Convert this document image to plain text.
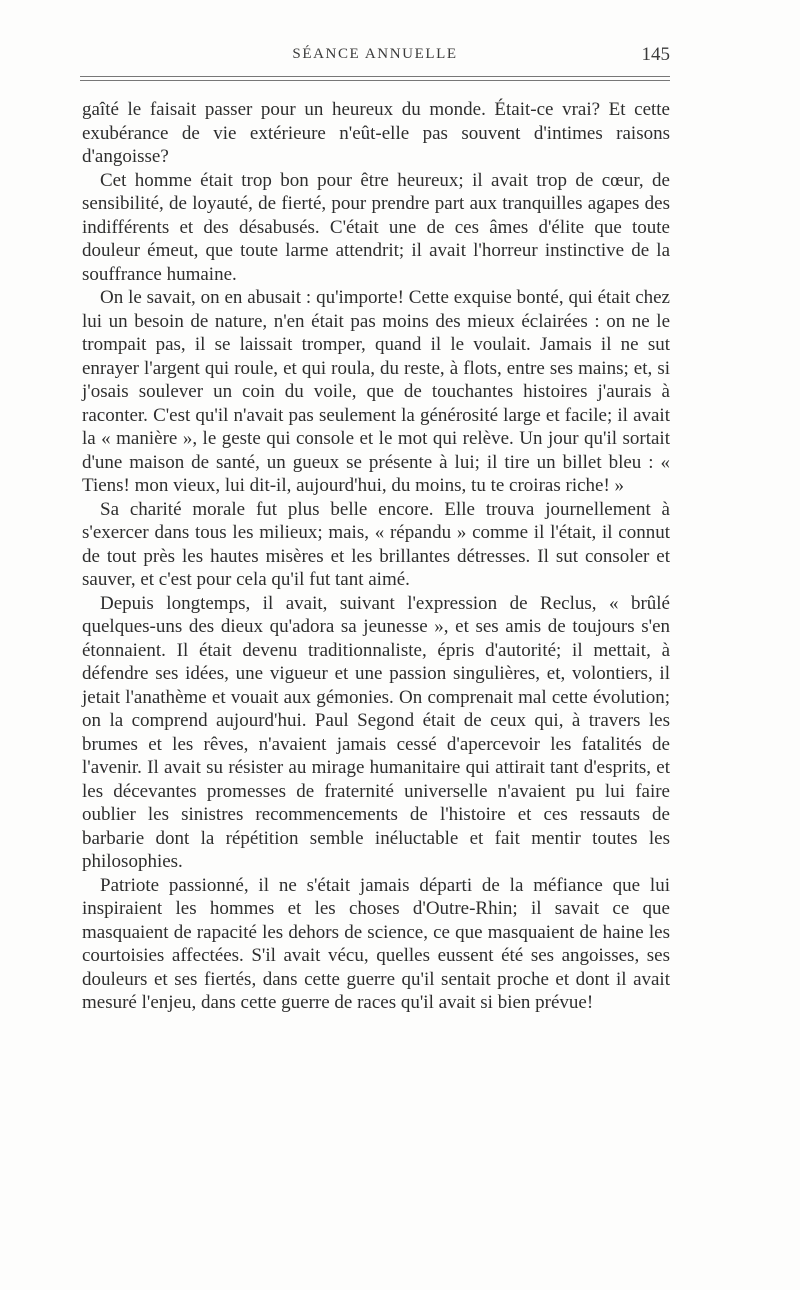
SÉANCE ANNUELLE	145

gaîté le faisait passer pour un heureux du monde. Était-ce vrai? Et cette exubérance de vie extérieure n'eût-elle pas souvent d'intimes raisons d'angoisse?

Cet homme était trop bon pour être heureux; il avait trop de cœur, de sensibilité, de loyauté, de fierté, pour prendre part aux tranquilles agapes des indifférents et des désabusés. C'était une de ces âmes d'élite que toute douleur émeut, que toute larme attendrit; il avait l'horreur instinctive de la souffrance humaine.

On le savait, on en abusait : qu'importe! Cette exquise bonté, qui était chez lui un besoin de nature, n'en était pas moins des mieux éclairées : on ne le trompait pas, il se laissait tromper, quand il le voulait. Jamais il ne sut enrayer l'argent qui roule, et qui roula, du reste, à flots, entre ses mains; et, si j'osais soulever un coin du voile, que de touchantes histoires j'aurais à raconter. C'est qu'il n'avait pas seulement la générosité large et facile; il avait la « manière », le geste qui console et le mot qui relève. Un jour qu'il sortait d'une maison de santé, un gueux se présente à lui; il tire un billet bleu : « Tiens! mon vieux, lui dit-il, aujourd'hui, du moins, tu te croiras riche! »

Sa charité morale fut plus belle encore. Elle trouva journellement à s'exercer dans tous les milieux; mais, « répandu » comme il l'était, il connut de tout près les hautes misères et les brillantes détresses. Il sut consoler et sauver, et c'est pour cela qu'il fut tant aimé.

Depuis longtemps, il avait, suivant l'expression de Reclus, « brûlé quelques-uns des dieux qu'adora sa jeunesse », et ses amis de toujours s'en étonnaient. Il était devenu traditionnaliste, épris d'autorité; il mettait, à défendre ses idées, une vigueur et une passion singulières, et, volontiers, il jetait l'anathème et vouait aux gémonies. On comprenait mal cette évolution; on la comprend aujourd'hui. Paul Segond était de ceux qui, à travers les brumes et les rêves, n'avaient jamais cessé d'apercevoir les fatalités de l'avenir. Il avait su résister au mirage humanitaire qui attirait tant d'esprits, et les décevantes promesses de fraternité universelle n'avaient pu lui faire oublier les sinistres recommencements de l'histoire et ces ressauts de barbarie dont la répétition semble inéluctable et fait mentir toutes les philosophies.

Patriote passionné, il ne s'était jamais départi de la méfiance que lui inspiraient les hommes et les choses d'Outre-Rhin; il savait ce que masquaient de rapacité les dehors de science, ce que masquaient de haine les courtoisies affectées. S'il avait vécu, quelles eussent été ses angoisses, ses douleurs et ses fiertés, dans cette guerre qu'il sentait proche et dont il avait mesuré l'enjeu, dans cette guerre de races qu'il avait si bien prévue!
